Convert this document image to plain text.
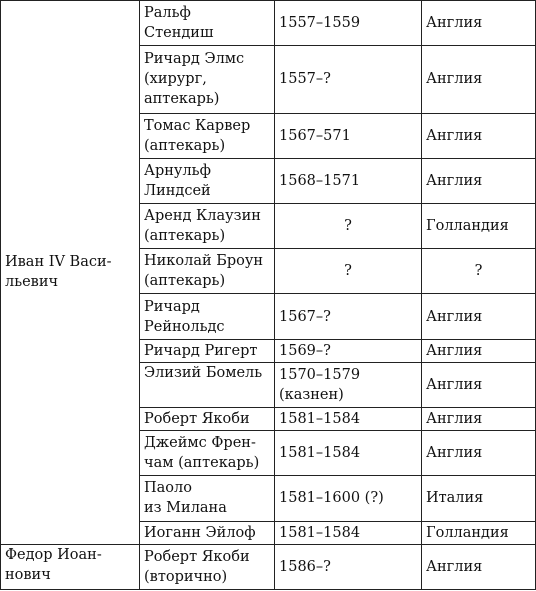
Иван IV Васи-
льевич	Ральф
Стендиш	1557–1559	Англия
	Ричард Элмс
(хирург,
аптекарь)	1557–?	Англия
	Томас Карвер
(аптекарь)	1567–571	Англия
	Арнульф
Линдсей	1568–1571	Англия
	Аренд Клаузин
(аптекарь)	?	Голландия
	Николай Броун
(аптекарь)	?	?
	Ричард
Рейнольдс	1567–?	Англия
	Ричард Ригерт	1569–?	Англия
	Элизий Бомель	1570–1579
(казнен)	Англия
	Роберт Якоби	1581–1584	Англия
	Джеймс Френ-
чам (аптекарь)	1581–1584	Англия
	Паоло
из Милана	1581–1600 (?)	Италия
	Иоганн Эйлоф	1581–1584	Голландия
Федор Иоан-
нович	Роберт Якоби
(вторично)	1586–?	Англия
